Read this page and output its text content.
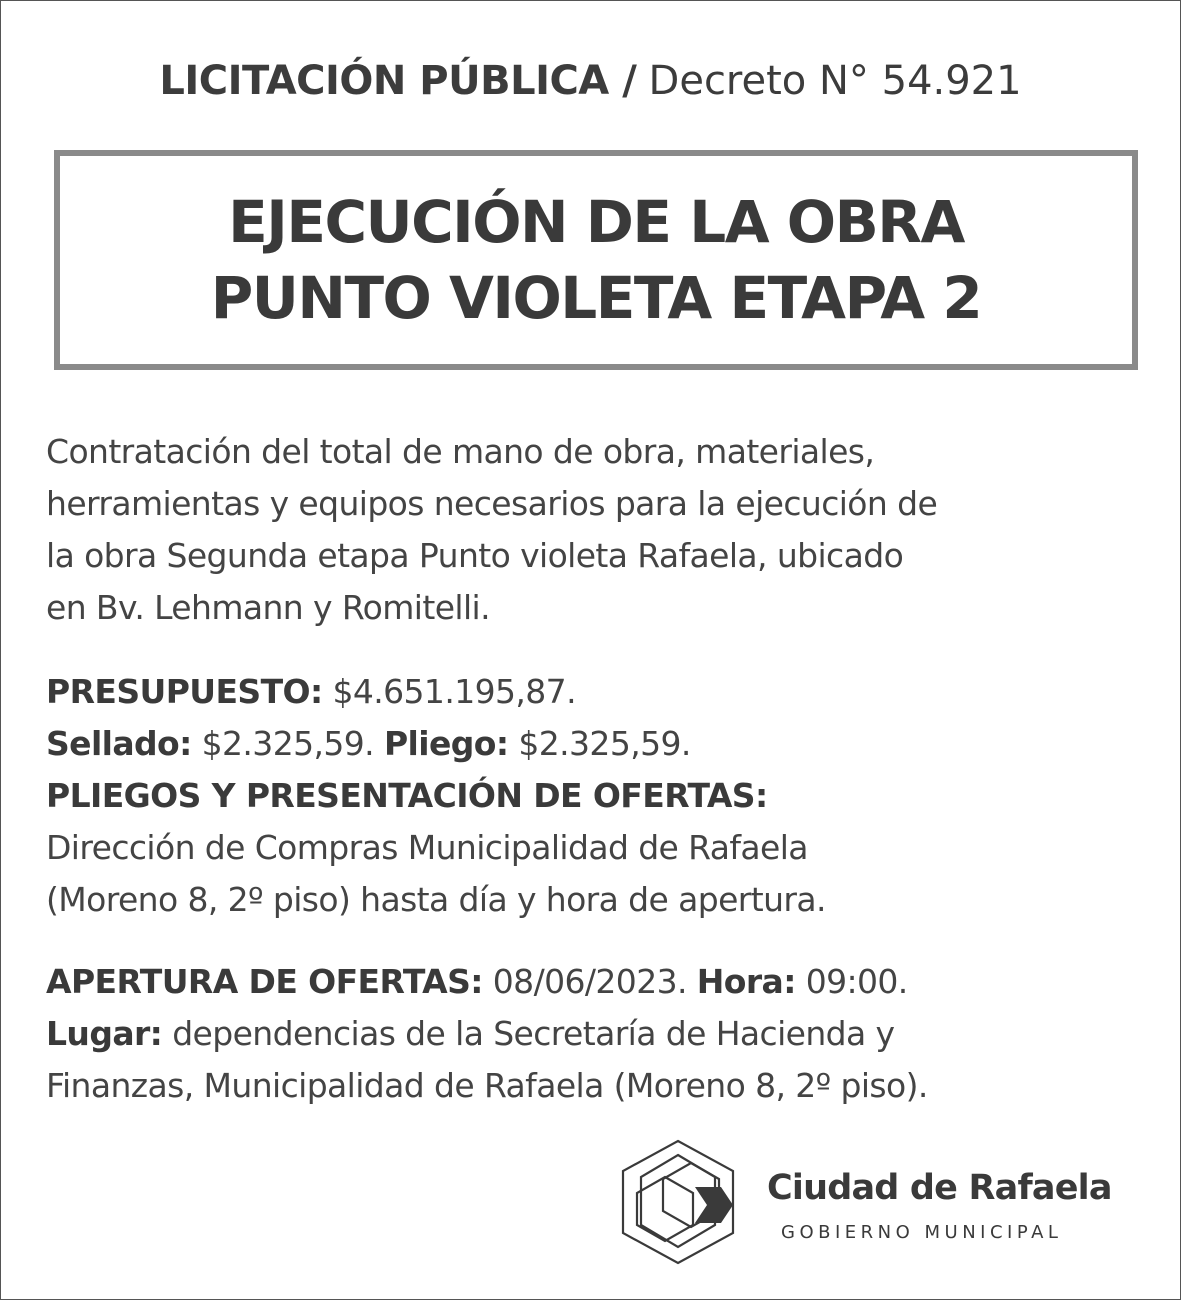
LICITACIÓN PÚBLICA / Decreto N° 54.921
EJECUCIÓN DE LA OBRA
PUNTO VIOLETA ETAPA 2
Contratación del total de mano de obra, materiales,
herramientas y equipos necesarios para la ejecución de
la obra Segunda etapa Punto violeta Rafaela, ubicado
en Bv. Lehmann y Romitelli.
PRESUPUESTO: $4.651.195,87.
Sellado: $2.325,59. Pliego: $2.325,59.
PLIEGOS Y PRESENTACIÓN DE OFERTAS:
Dirección de Compras Municipalidad de Rafaela
(Moreno 8, 2º piso) hasta día y hora de apertura.
APERTURA DE OFERTAS: 08/06/2023. Hora: 09:00.
Lugar: dependencias de la Secretaría de Hacienda y
Finanzas, Municipalidad de Rafaela (Moreno 8, 2º piso).
Ciudad de Rafaela
GOBIERNO MUNICIPAL
